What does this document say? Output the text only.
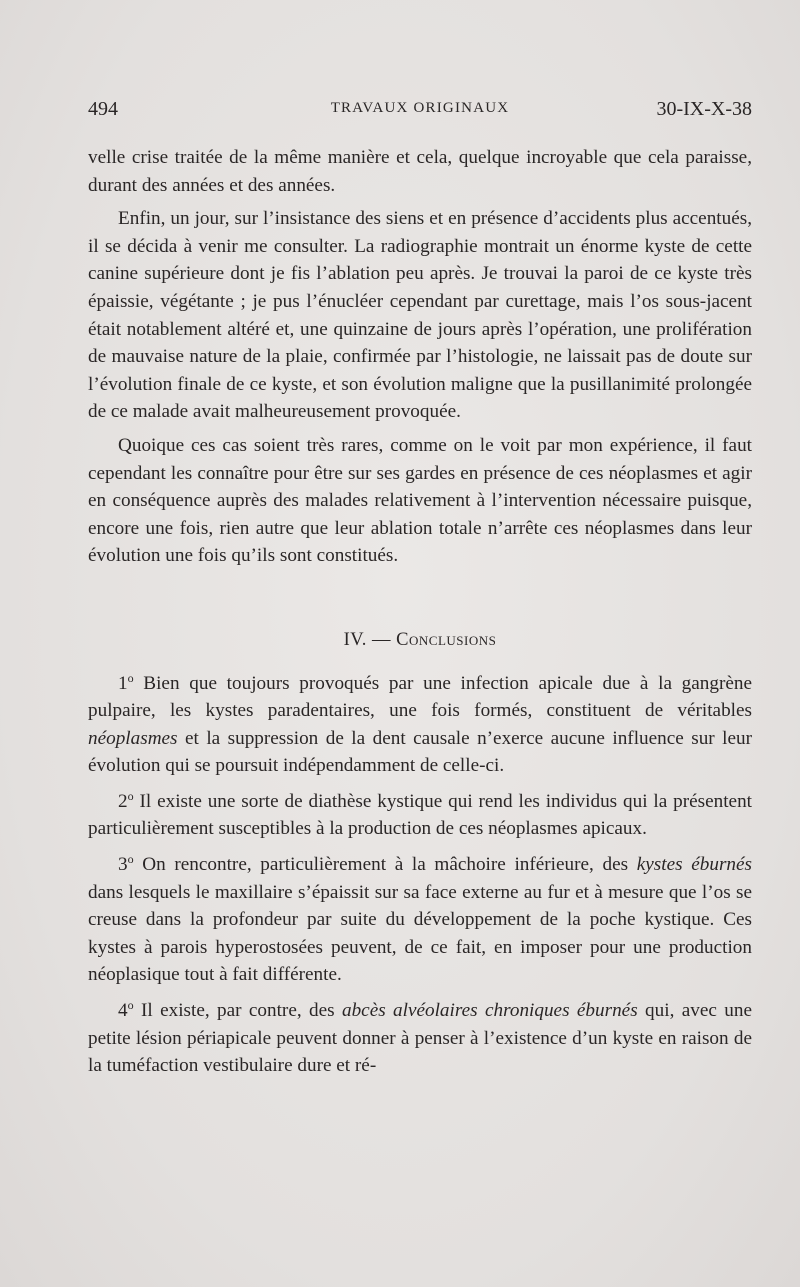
494	TRAVAUX ORIGINAUX	30-IX-X-38

velle crise traitée de la même manière et cela, quelque incroyable que cela paraisse, durant des années et des années.

Enfin, un jour, sur l’insistance des siens et en présence d’accidents plus accentués, il se décida à venir me consulter. La radiographie montrait un énorme kyste de cette canine supérieure dont je fis l’ablation peu après. Je trouvai la paroi de ce kyste très épaissie, végétante ; je pus l’énucléer cependant par curettage, mais l’os sous-jacent était notablement altéré et, une quinzaine de jours après l’opération, une prolifération de mauvaise nature de la plaie, confirmée par l’histologie, ne laissait pas de doute sur l’évolution finale de ce kyste, et son évolution maligne que la pusillanimité prolongée de ce malade avait malheureusement provoquée.

Quoique ces cas soient très rares, comme on le voit par mon expérience, il faut cependant les connaître pour être sur ses gardes en présence de ces néoplasmes et agir en conséquence auprès des malades relativement à l’intervention nécessaire puisque, encore une fois, rien autre que leur ablation totale n’arrête ces néoplasmes dans leur évolution une fois qu’ils sont constitués.

IV. — Conclusions

1$^o$ Bien que toujours provoqués par une infection apicale due à la gangrène pulpaire, les kystes paradentaires, une fois formés, constituent de véritables néoplasmes et la suppression de la dent causale n’exerce aucune influence sur leur évolution qui se poursuit indépendamment de celle-ci.

2$^o$ Il existe une sorte de diathèse kystique qui rend les individus qui la présentent particulièrement susceptibles à la production de ces néoplasmes apicaux.

3$^o$ On rencontre, particulièrement à la mâchoire inférieure, des kystes éburnés dans lesquels le maxillaire s’épaissit sur sa face externe au fur et à mesure que l’os se creuse dans la profondeur par suite du développement de la poche kystique. Ces kystes à parois hyperostosées peuvent, de ce fait, en imposer pour une production néoplasique tout à fait différente.

4$^o$ Il existe, par contre, des abcès alvéolaires chroniques éburnés qui, avec une petite lésion périapicale peuvent donner à penser à l’existence d’un kyste en raison de la tuméfaction vestibulaire dure et ré-
